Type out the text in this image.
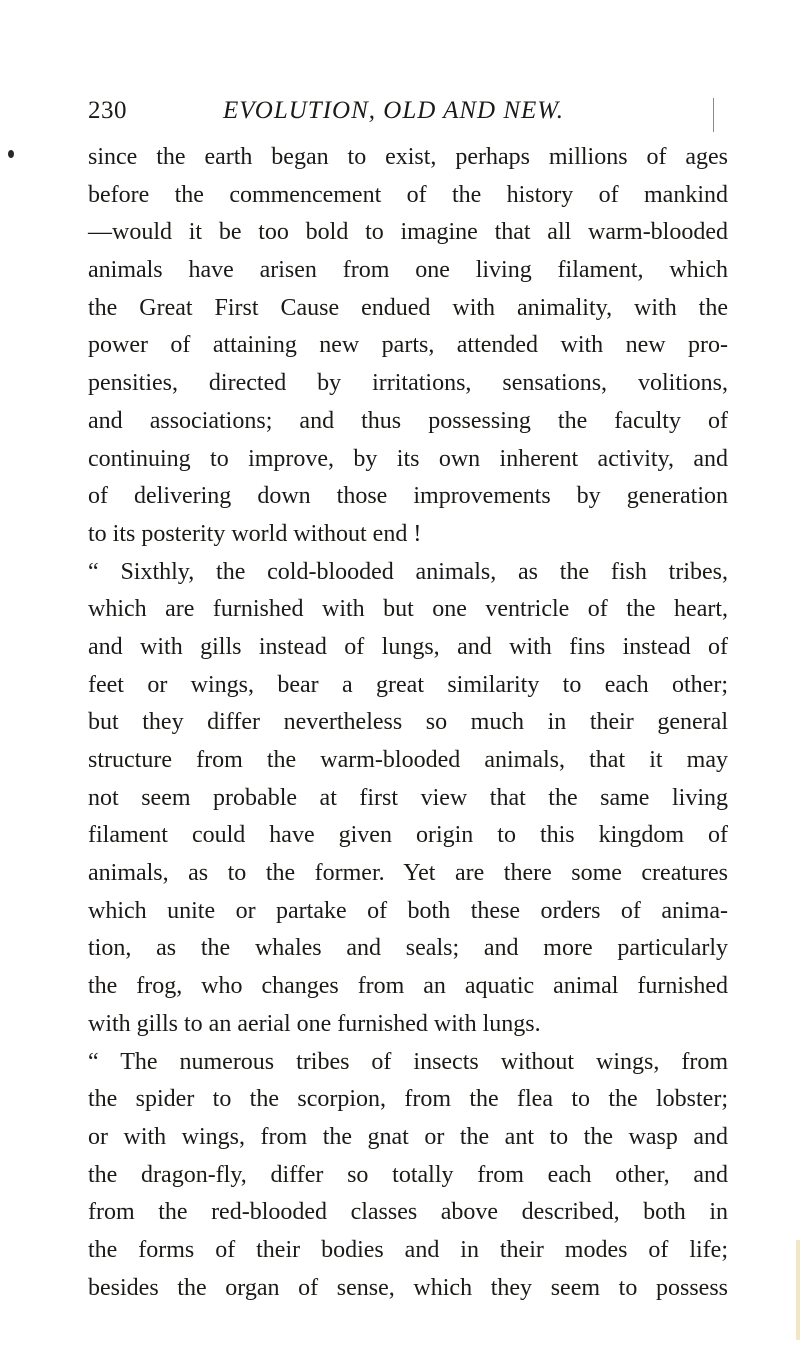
230	EVOLUTION, OLD AND NEW.
since the earth began to exist, perhaps millions of ages
before the commencement of the history of mankind
—would it be too bold to imagine that all warm-blooded
animals have arisen from one living filament, which
the Great First Cause endued with animality, with the
power of attaining new parts, attended with new pro-
pensities, directed by irritations, sensations, volitions,
and associations; and thus possessing the faculty of
continuing to improve, by its own inherent activity, and
of delivering down those improvements by generation
to its posterity world without end !
“ Sixthly, the cold-blooded animals, as the fish tribes,
which are furnished with but one ventricle of the heart,
and with gills instead of lungs, and with fins instead of
feet or wings, bear a great similarity to each other;
but they differ nevertheless so much in their general
structure from the warm-blooded animals, that it may
not seem probable at first view that the same living
filament could have given origin to this kingdom of
animals, as to the former. Yet are there some creatures
which unite or partake of both these orders of anima-
tion, as the whales and seals; and more particularly
the frog, who changes from an aquatic animal furnished
with gills to an aerial one furnished with lungs.
“ The numerous tribes of insects without wings, from
the spider to the scorpion, from the flea to the lobster;
or with wings, from the gnat or the ant to the wasp and
the dragon-fly, differ so totally from each other, and
from the red-blooded classes above described, both in
the forms of their bodies and in their modes of life;
besides the organ of sense, which they seem to possess
